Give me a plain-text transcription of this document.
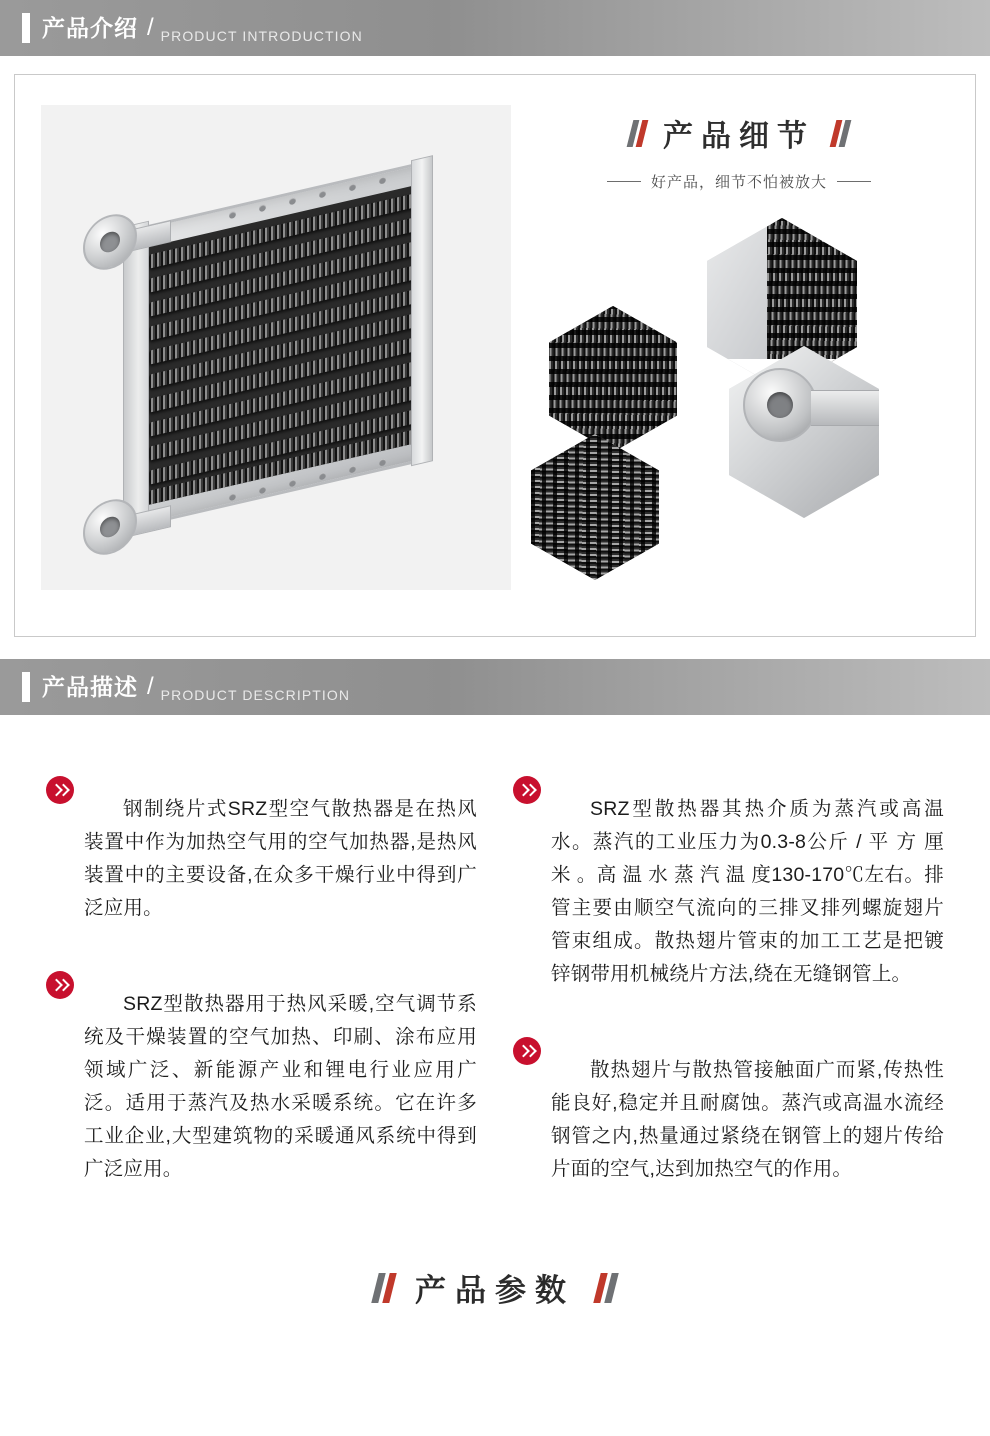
产品介绍 / PRODUCT INTRODUCTION
产品细节
好产品，细节不怕被放大
产品描述 / PRODUCT DESCRIPTION

钢制绕片式SRZ型空气散热器是在热风装置中作为加热空气用的空气加热器,是热风装置中的主要设备,在众多干燥行业中得到广泛应用。

SRZ型散热器用于热风采暖,空气调节系统及干燥装置的空气加热、印刷、涂布应用领域广泛、新能源产业和锂电行业应用广泛。适用于蒸汽及热水采暖系统。它在许多工业企业,大型建筑物的采暖通风系统中得到广泛应用。

SRZ型散热器其热介质为蒸汽或高温水。蒸汽的工业压力为0.3-8公斤 / 平 方 厘 米 。高 温 水 蒸 汽 温 度130-170℃左右。排管主要由顺空气流向的三排叉排列螺旋翅片管束组成。散热翅片管束的加工工艺是把镀锌钢带用机械绕片方法,绕在无缝钢管上。

散热翅片与散热管接触面广而紧,传热性能良好,稳定并且耐腐蚀。蒸汽或高温水流经钢管之内,热量通过紧绕在钢管上的翅片传给片面的空气,达到加热空气的作用。

产品参数
